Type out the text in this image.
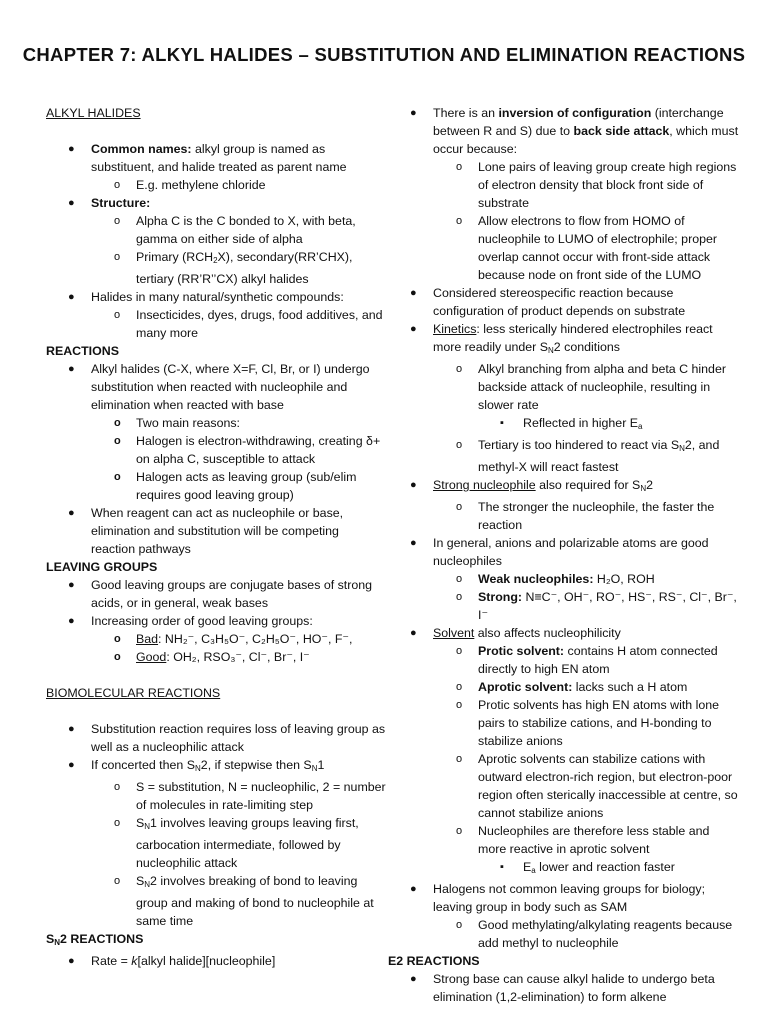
CHAPTER 7: ALKYL HALIDES – SUBSTITUTION AND ELIMINATION REACTIONS
ALKYL HALIDES
● Common names: alkyl group is named as substituent, and halide treated as parent name
o E.g. methylene chloride
● Structure:
o Alpha C is the C bonded to X, with beta, gamma on either side of alpha
o Primary $(RCH_2X)$, secondary(RR’CHX), tertiary (RR’R’’CX) alkyl halides
● Halides in many natural/synthetic compounds:
o Insecticides, dyes, drugs, food additives, and many more
REACTIONS
● Alkyl halides (C-X, where X=F, Cl, Br, or I) undergo substitution when reacted with nucleophile and elimination when reacted with base
o Two main reasons:
o Halogen is electron-withdrawing, creating δ+ on alpha C, susceptible to attack
o Halogen acts as leaving group (sub/elim requires good leaving group)
● When reagent can act as nucleophile or base, elimination and substitution will be competing reaction pathways
LEAVING GROUPS
● Good leaving groups are conjugate bases of strong acids, or in general, weak bases
● Increasing order of good leaving groups:
o Bad: NH₂⁻, C₃H₅O⁻, C₂H₅O⁻, HO⁻, F⁻,
o Good: OH₂, RSO₃⁻, Cl⁻, Br⁻, I⁻
BIOMOLECULAR REACTIONS
● Substitution reaction requires loss of leaving group as well as a nucleophilic attack
● If concerted then $S_N2$, if stepwise then $S_N1$
o S = substitution, N = nucleophilic, 2 = number of molecules in rate-limiting step
o $S_N1$ involves leaving groups leaving first, carbocation intermediate, followed by nucleophilic attack
o $S_N2$ involves breaking of bond to leaving group and making of bond to nucleophile at same time
$S_N2$ REACTIONS
● Rate = k[alkyl halide][nucleophile]
● There is an inversion of configuration (interchange between R and S) due to back side attack, which must occur because:
o Lone pairs of leaving group create high regions of electron density that block front side of substrate
o Allow electrons to flow from HOMO of nucleophile to LUMO of electrophile; proper overlap cannot occur with front-side attack because node on front side of the LUMO
● Considered stereospecific reaction because configuration of product depends on substrate
● Kinetics: less sterically hindered electrophiles react more readily under $S_N2$ conditions
o Alkyl branching from alpha and beta C hinder backside attack of nucleophile, resulting in slower rate
▪ Reflected in higher $E_a$
o Tertiary is too hindered to react via $S_N2$, and methyl-X will react fastest
● Strong nucleophile also required for $S_N2$
o The stronger the nucleophile, the faster the reaction
● In general, anions and polarizable atoms are good nucleophiles
o Weak nucleophiles: H₂O, ROH
o Strong: N≡C⁻, OH⁻, RO⁻, HS⁻, RS⁻, Cl⁻, Br⁻, I⁻
● Solvent also affects nucleophilicity
o Protic solvent: contains H atom connected directly to high EN atom
o Aprotic solvent: lacks such a H atom
o Protic solvents has high EN atoms with lone pairs to stabilize cations, and H-bonding to stabilize anions
o Aprotic solvents can stabilize cations with outward electron-rich region, but electron-poor region often sterically inaccessible at centre, so cannot stabilize anions
o Nucleophiles are therefore less stable and more reactive in aprotic solvent
▪ $E_a$ lower and reaction faster
● Halogens not common leaving groups for biology; leaving group in body such as SAM
o Good methylating/alkylating reagents because add methyl to nucleophile
E2 REACTIONS
● Strong base can cause alkyl halide to undergo beta elimination (1,2-elimination) to form alkene
